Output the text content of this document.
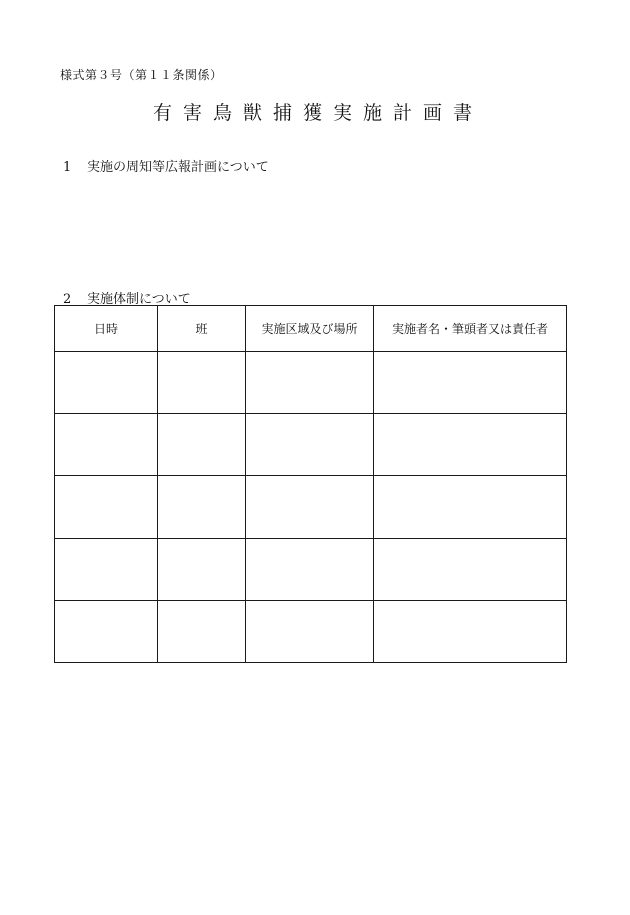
様式第３号（第１１条関係）
有害鳥獣捕獲実施計画書
1 実施の周知等広報計画について
2 実施体制について
日時	班	実施区域及び場所	実施者名・筆頭者又は責任者
